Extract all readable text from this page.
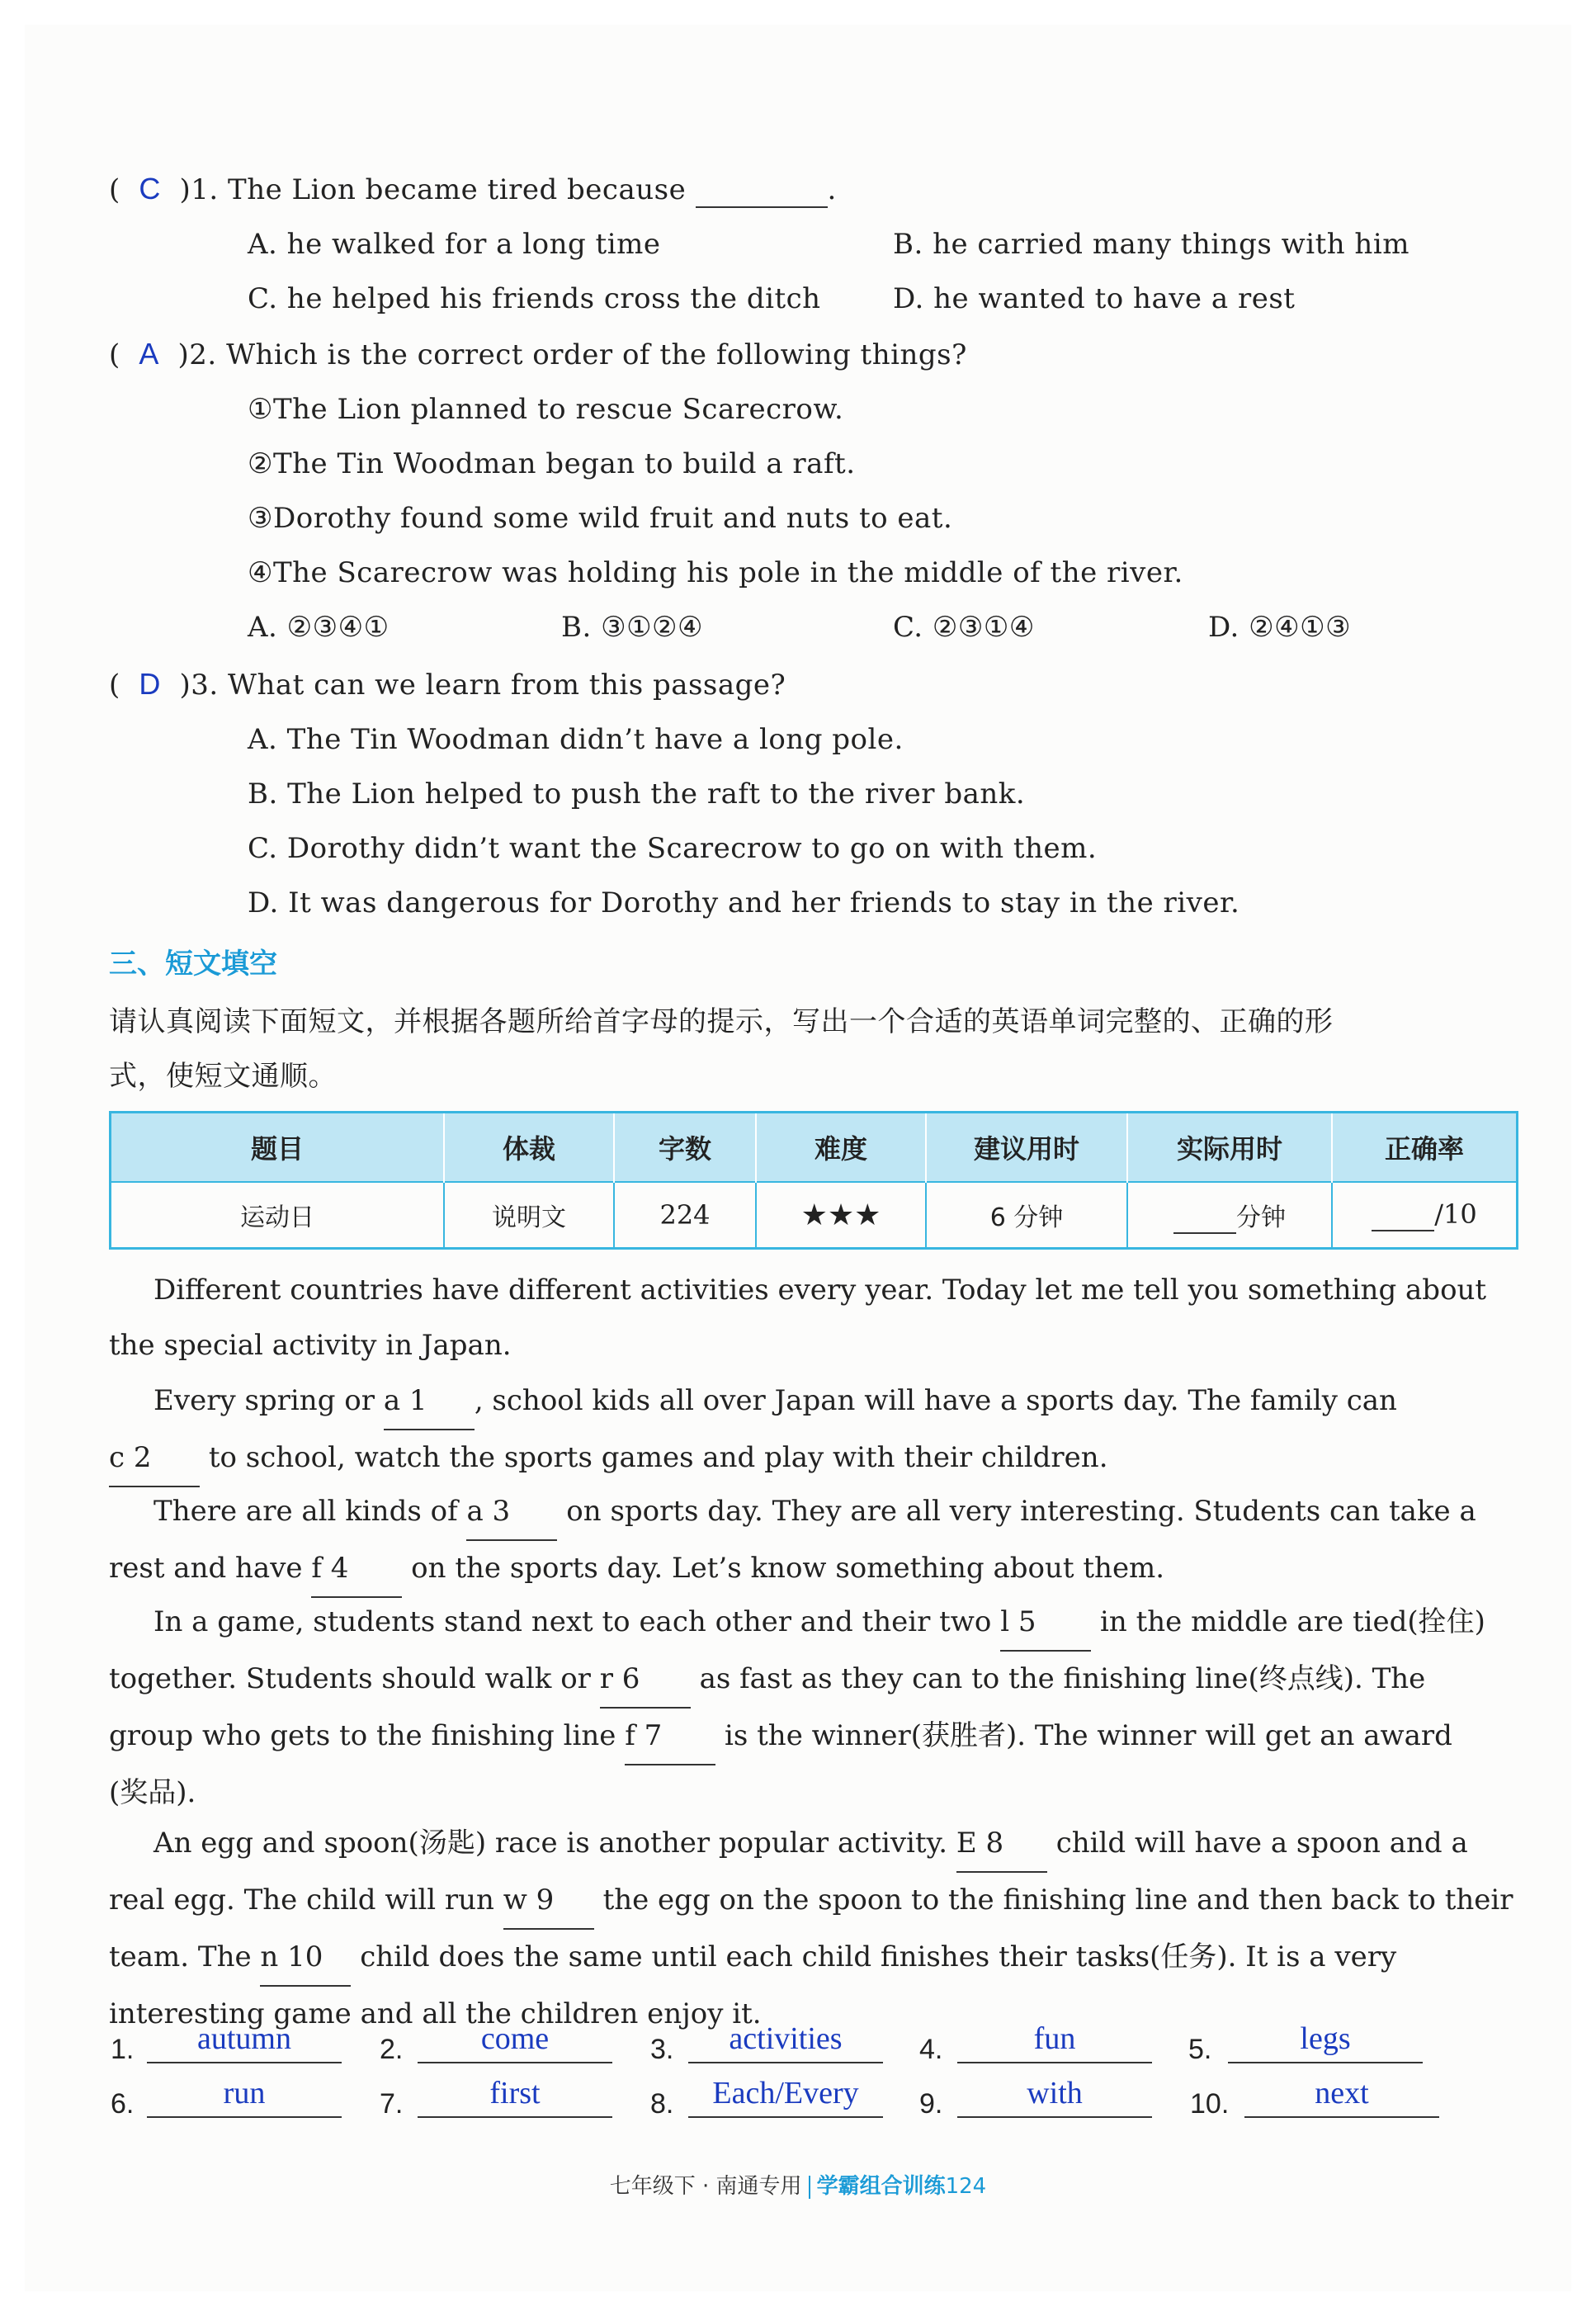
(  C )1. The Lion became tired because	.
A. he walked for a long time	B. he carried many things with him
C. he helped his friends cross the ditch	D. he wanted to have a rest
(  A )2. Which is the correct order of the following things?
①The Lion planned to rescue Scarecrow.
②The Tin Woodman began to build a raft.
③Dorothy found some wild fruit and nuts to eat.
④The Scarecrow was holding his pole in the middle of the river.
A. ②③④①	B. ③①②④	C. ②③①④	D. ②④①③
(  D )3. What can we learn from this passage?
A. The Tin Woodman didn’t have a long pole.
B. The Lion helped to push the raft to the river bank.
C. Dorothy didn’t want the Scarecrow to go on with them.
D. It was dangerous for Dorothy and her friends to stay in the river.
三、短文填空
请认真阅读下面短文，并根据各题所给首字母的提示，写出一个合适的英语单词完整的、正确的形
式，使短文通顺。
题目	体裁	字数	难度	建议用时	实际用时	正确率
运动日	说明文	224	★★★	6 分钟	分钟	/10
Different countries have different activities every year. Today let me tell you something about
the special activity in Japan.
Every spring or a 1 , school kids all over Japan will have a sports day. The family can
c 2 to school, watch the sports games and play with their children.
There are all kinds of a 3 on sports day. They are all very interesting. Students can take a
rest and have f 4 on the sports day. Let’s know something about them.
In a game, students stand next to each other and their two l 5 in the middle are tied(拴住)
together. Students should walk or r 6 as fast as they can to the finishing line(终点线). The
group who gets to the finishing line f 7 is the winner(获胜者). The winner will get an award
(奖品).
An egg and spoon(汤匙) race is another popular activity. E 8 child will have a spoon and a
real egg. The child will run w 9 the egg on the spoon to the finishing line and then back to their
team. The n 10 child does the same until each child finishes their tasks(任务). It is a very
interesting game and all the children enjoy it.
1.	autumn	2.	come	3.	activities	4.	fun	5.	legs
6.	run	7.	first	8.	Each/Every	9.	with	10.	next
七年级下 · 南通专用 学霸组合训练124
